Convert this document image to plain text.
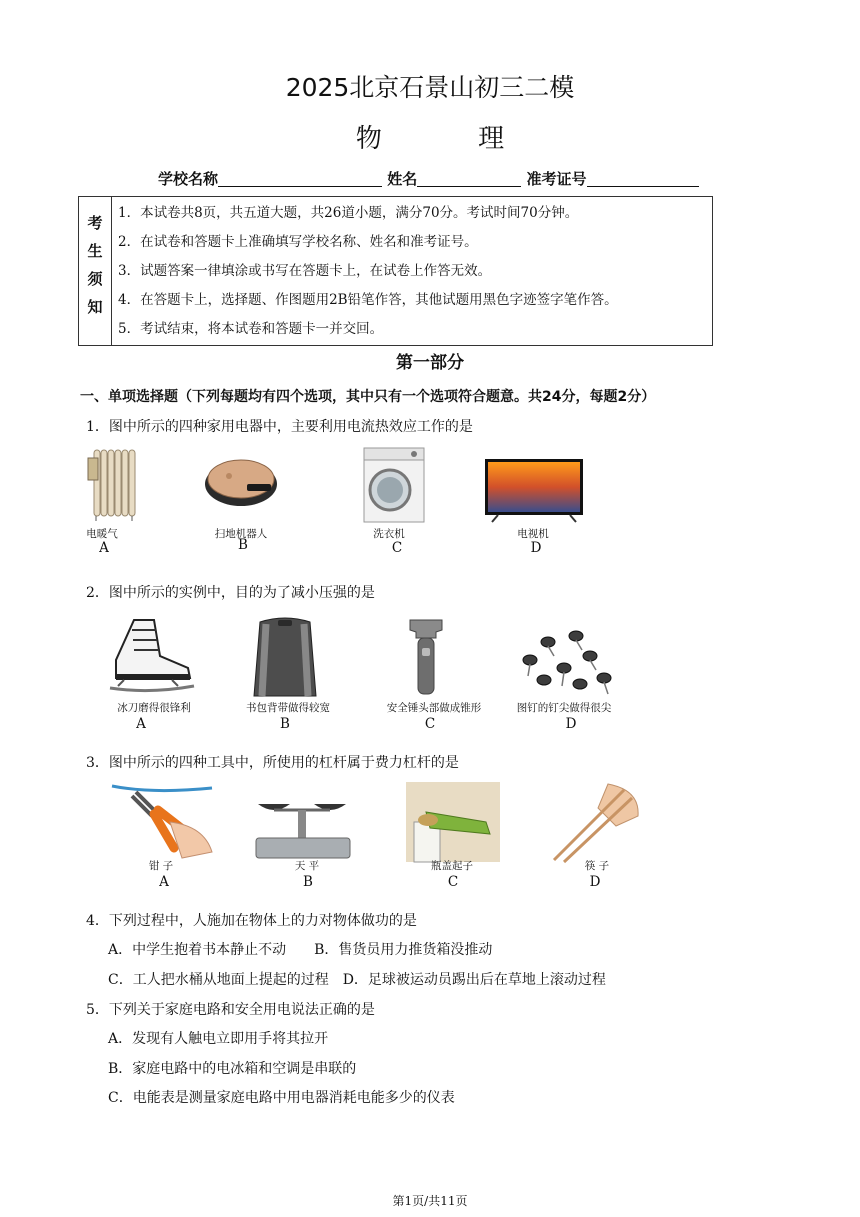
2025北京石景山初三二模
物 理
学校名称	姓名	准考证号
考
生
须
知

1．本试卷共8页，共五道大题，共26道小题，满分70分。考试时间70分钟。
2．在试卷和答题卡上准确填写学校名称、姓名和准考证号。
3．试题答案一律填涂或书写在答题卡上，在试卷上作答无效。
4．在答题卡上，选择题、作图题用2B铅笔作答，其他试题用黑色字迹签字笔作答。
5．考试结束，将本试卷和答题卡一并交回。
第一部分
一、单项选择题（下列每题均有四个选项，其中只有一个选项符合题意。共24分，每题2分）
1．图中所示的四种家用电器中，主要利用电流热效应工作的是
电暖气
A
扫地机器人
B
洗衣机
C
电视机
D
2．图中所示的实例中，目的为了减小压强的是
冰刀磨得很锋利
A
书包背带做得较宽
B
安全锤头部做成锥形
C
图钉的钉尖做得很尖
D
3．图中所示的四种工具中，所使用的杠杆属于费力杠杆的是
钳 子
A
天 平
B
瓶盖起子
C
筷 子
D
4．下列过程中，人施加在物体上的力对物体做功的是
A．中学生抱着书本静止不动　　B．售货员用力推货箱没推动
C．工人把水桶从地面上提起的过程　D．足球被运动员踢出后在草地上滚动过程
5．下列关于家庭电路和安全用电说法正确的是
A．发现有人触电立即用手将其拉开
B．家庭电路中的电冰箱和空调是串联的
C．电能表是测量家庭电路中用电器消耗电能多少的仪表
第1页/共11页
